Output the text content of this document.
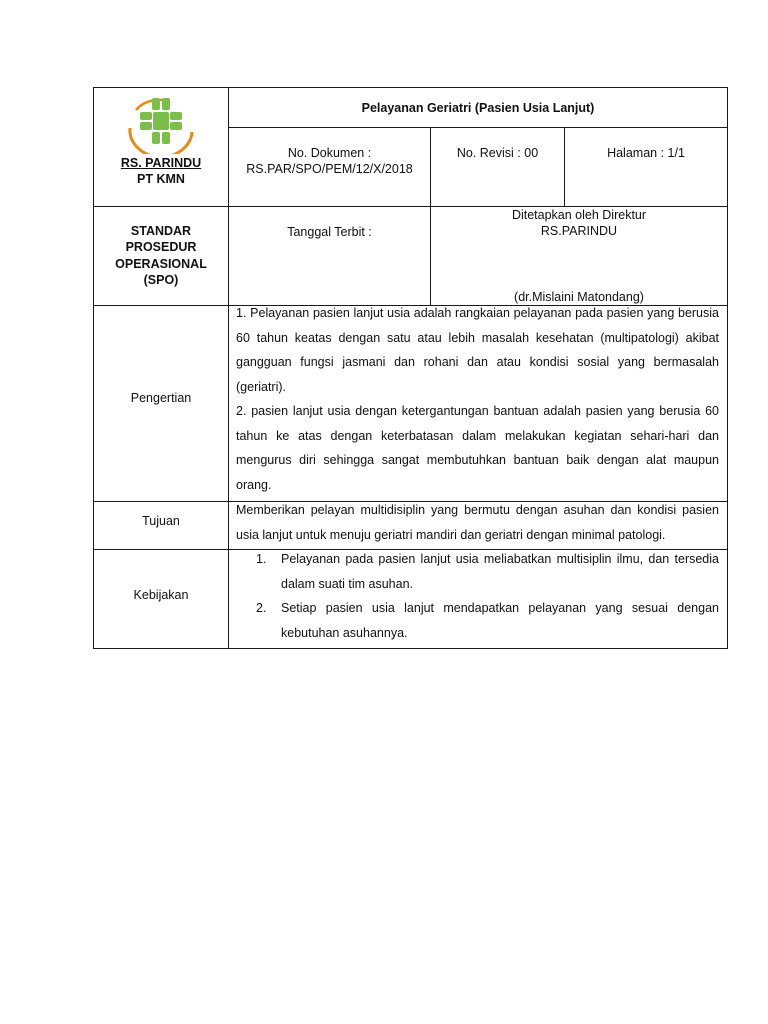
RS. PARINDU
PT KMN
Pelayanan Geriatri (Pasien Usia Lanjut)
No. Dokumen :
RS.PAR/SPO/PEM/12/X/2018
No. Revisi : 00	Halaman : 1/1
STANDAR
PROSEDUR
OPERASIONAL
(SPO)
Tanggal Terbit :
Ditetapkan oleh Direktur
RS.PARINDU
(dr.Mislaini Matondang)
Pengertian
1. Pelayanan pasien lanjut usia adalah rangkaian pelayanan pada pasien yang berusia 60 tahun keatas dengan satu atau lebih masalah kesehatan (multipatologi) akibat gangguan fungsi jasmani dan rohani dan atau kondisi sosial yang bermasalah (geriatri).
2. pasien lanjut usia dengan ketergantungan bantuan adalah pasien yang berusia 60 tahun ke atas dengan keterbatasan dalam melakukan kegiatan sehari-hari dan mengurus diri sehingga sangat membutuhkan bantuan baik dengan alat maupun orang.
Tujuan
Memberikan pelayan multidisiplin yang bermutu dengan asuhan dan kondisi pasien usia lanjut untuk menuju geriatri mandiri dan geriatri dengan minimal patologi.
Kebijakan
1. Pelayanan pada pasien lanjut usia meliabatkan multisiplin ilmu, dan tersedia dalam suati tim asuhan.
2. Setiap pasien usia lanjut mendapatkan pelayanan yang sesuai dengan kebutuhan asuhannya.
